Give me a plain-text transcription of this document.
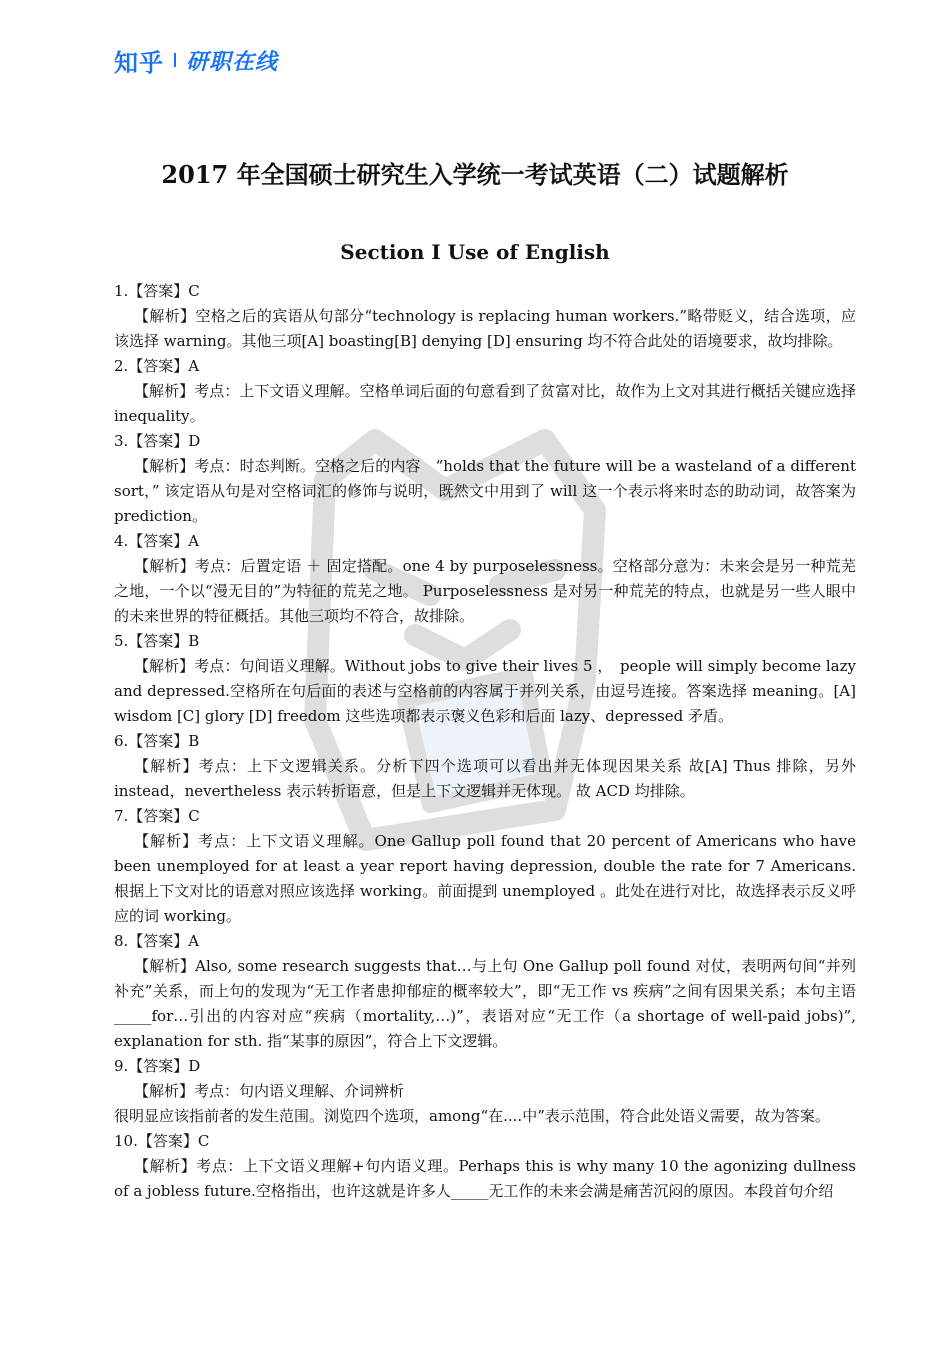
知乎 研职在线
2017 年全国硕士研究生入学统一考试英语（二）试题解析
Section I Use of English

1.【答案】C

【解析】空格之后的宾语从句部分“technology is replacing human workers.”略带贬义，结合选项，应该选择 warning。其他三项[A] boasting[B] denying [D] ensuring 均不符合此处的语境要求，故均排除。

2.【答案】A

【解析】考点：上下文语义理解。空格单词后面的句意看到了贫富对比，故作为上文对其进行概括关键应选择 inequality。

3.【答案】D

【解析】考点：时态判断。空格之后的内容　“holds that the future will be a wasteland of a different sort，” 该定语从句是对空格词汇的修饰与说明，既然文中用到了 will 这一个表示将来时态的助动词，故答案为 prediction。

4.【答案】A

【解析】考点：后置定语 ＋ 固定搭配。one 4 by purposelessness。空格部分意为：未来会是另一种荒芜之地，一个以“漫无目的”为特征的荒芜之地。 Purposelessness 是对另一种荒芜的特点，也就是另一些人眼中的未来世界的特征概括。其他三项均不符合，故排除。

5.【答案】B

【解析】考点：句间语义理解。Without jobs to give their lives 5 ，　people will simply become lazy and depressed.空格所在句后面的表述与空格前的内容属于并列关系，由逗号连接。答案选择 meaning。[A] wisdom [C] glory [D] freedom 这些选项都表示褒义色彩和后面 lazy、depressed 矛盾。

6.【答案】B

【解析】考点：上下文逻辑关系。分析下四个选项可以看出并无体现因果关系 故[A] Thus 排除，另外 instead，nevertheless 表示转折语意，但是上下文逻辑并无体现。 故 ACD 均排除。

7.【答案】C

【解析】考点：上下文语义理解。One Gallup poll found that 20 percent of Americans who have been unemployed for at least a year report having depression, double the rate for 7 Americans.根据上下文对比的语意对照应该选择 working。前面提到 unemployed 。此处在进行对比，故选择表示反义呼应的词 working。

8.【答案】A

【解析】Also, some research suggests that…与上句 One Gallup poll found 对仗，表明两句间“并列补充”关系，而上句的发现为“无工作者患抑郁症的概率较大”，即“无工作 vs 疾病”之间有因果关系；本句主语_____for…引出的内容对应“疾病（mortality,…)”，表语对应“无工作（a shortage of well-paid jobs)”, explanation for sth. 指“某事的原因”，符合上下文逻辑。

9.【答案】D

【解析】考点：句内语义理解、介词辨析

很明显应该指前者的发生范围。浏览四个选项，among“在....中”表示范围，符合此处语义需要，故为答案。

10.【答案】C

【解析】考点：上下文语义理解+句内语义理。Perhaps this is why many 10 the agonizing dullness of a jobless future.空格指出，也许这就是许多人_____无工作的未来会满是痛苦沉闷的原因。本段首句介绍
